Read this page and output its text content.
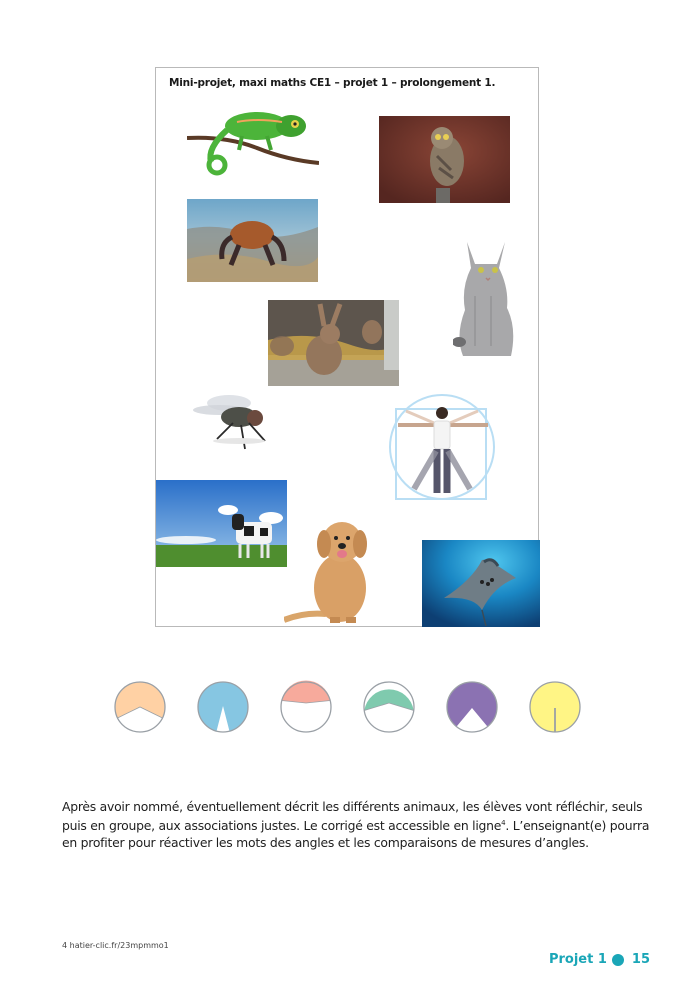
Mini-projet, maxi maths CE1 – projet 1 – prolongement 1.

Après avoir nommé, éventuellement décrit les différents animaux, les élèves vont réfléchir, seuls puis en groupe, aux associations justes. Le corrigé est accessible en ligne$^4$. L’enseignant(e) pourra en profiter pour réactiver les mots des angles et les comparaisons de mesures d’angles.

4 hatier-clic.fr/23mpmmo1
Projet 1 15
